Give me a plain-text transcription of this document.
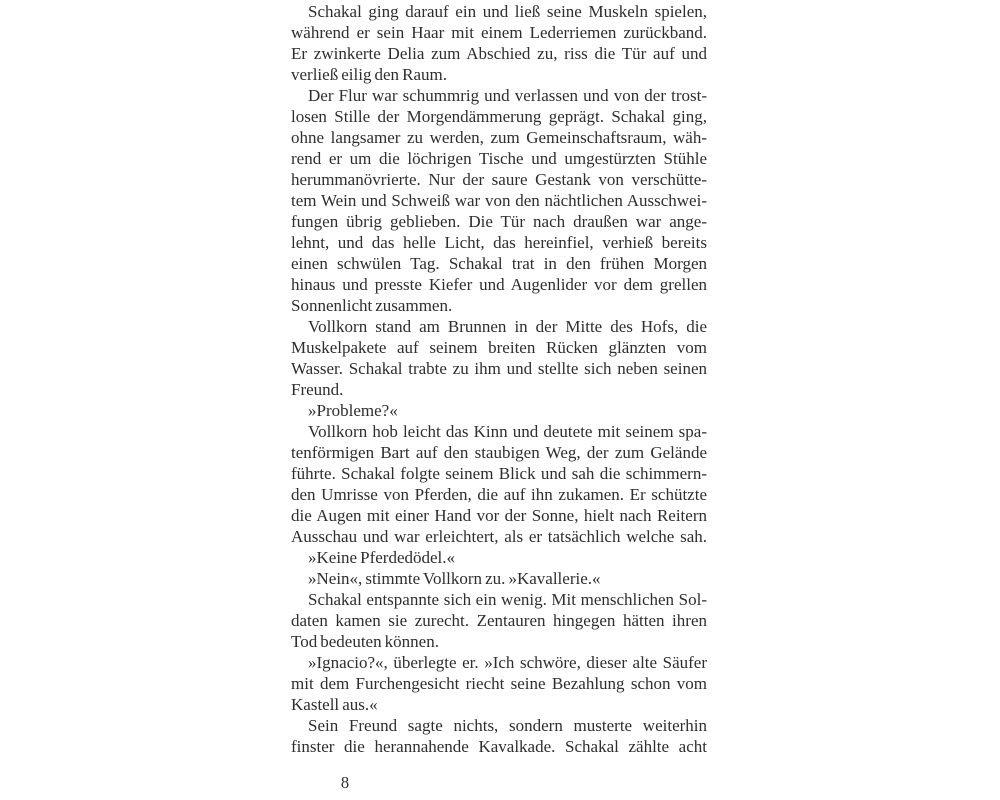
Schakal ging darauf ein und ließ seine Muskeln spielen,
während er sein Haar mit einem Lederriemen zurückband.
Er zwinkerte Delia zum Abschied zu, riss die Tür auf und
verließ eilig den Raum.
Der Flur war schummrig und verlassen und von der trost-
losen Stille der Morgendämmerung geprägt. Schakal ging,
ohne langsamer zu werden, zum Gemeinschaftsraum, wäh-
rend er um die löchrigen Tische und umgestürzten Stühle
herummanövrierte. Nur der saure Gestank von verschütte-
tem Wein und Schweiß war von den nächtlichen Ausschwei-
fungen übrig geblieben. Die Tür nach draußen war ange-
lehnt, und das helle Licht, das hereinfiel, verhieß bereits
einen schwülen Tag. Schakal trat in den frühen Morgen
hinaus und presste Kiefer und Augenlider vor dem grellen
Sonnenlicht zusammen.
Vollkorn stand am Brunnen in der Mitte des Hofs, die
Muskelpakete auf seinem breiten Rücken glänzten vom
Wasser. Schakal trabte zu ihm und stellte sich neben seinen
Freund.
»Probleme?«
Vollkorn hob leicht das Kinn und deutete mit seinem spa-
tenförmigen Bart auf den staubigen Weg, der zum Gelände
führte. Schakal folgte seinem Blick und sah die schimmern-
den Umrisse von Pferden, die auf ihn zukamen. Er schützte
die Augen mit einer Hand vor der Sonne, hielt nach Reitern
Ausschau und war erleichtert, als er tatsächlich welche sah.
»Keine Pferdedödel.«
»Nein«, stimmte Vollkorn zu. »Kavallerie.«
Schakal entspannte sich ein wenig. Mit menschlichen Sol-
daten kamen sie zurecht. Zentauren hingegen hätten ihren
Tod bedeuten können.
»Ignacio?«, überlegte er. »Ich schwöre, dieser alte Säufer
mit dem Furchengesicht riecht seine Bezahlung schon vom
Kastell aus.«
Sein Freund sagte nichts, sondern musterte weiterhin
finster die herannahende Kavalkade. Schakal zählte acht
8
